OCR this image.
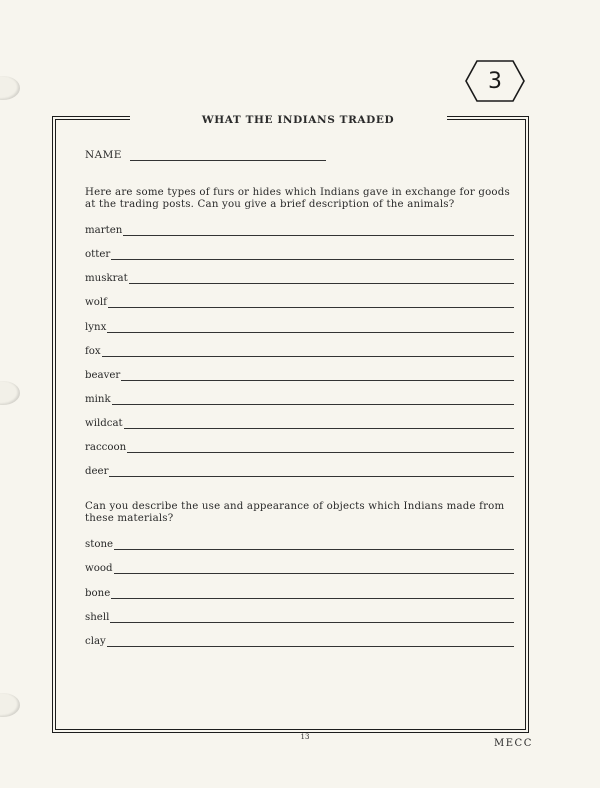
3
WHAT THE INDIANS TRADED
NAME
Here are some types of furs or hides which Indians gave in exchange for goods
at the trading posts. Can you give a brief description of the animals?
marten
otter
muskrat
wolf
lynx
fox
beaver
mink
wildcat
raccoon
deer
Can you describe the use and appearance of objects which Indians made from
these materials?
stone
wood
bone
shell
clay
13
MECC
